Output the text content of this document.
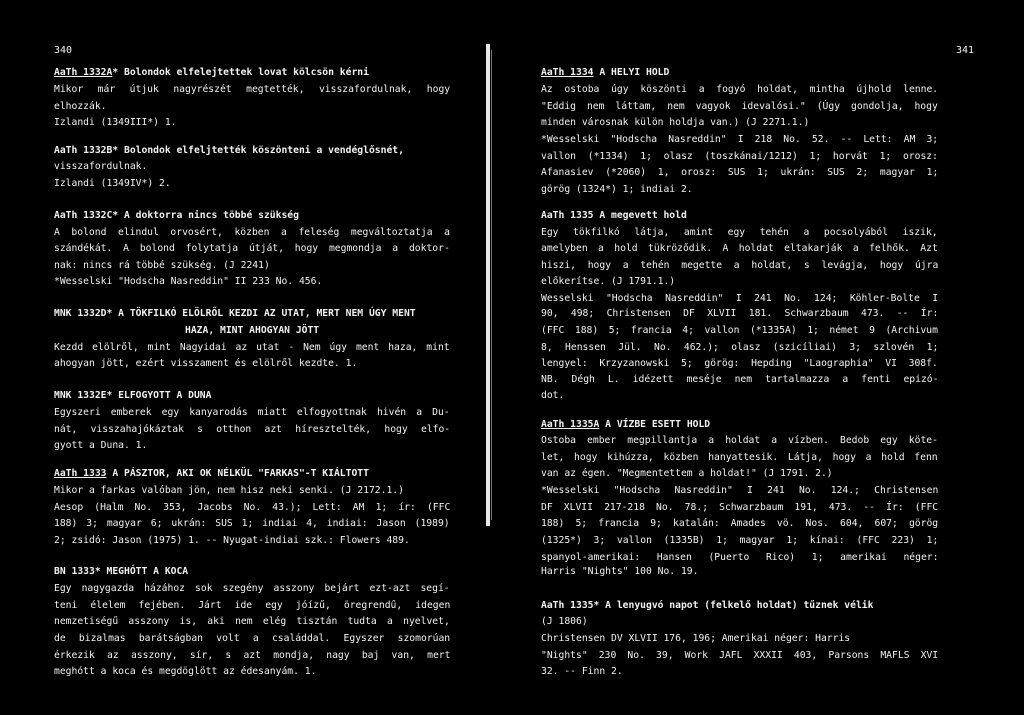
340	341
AaTh 1332A* Bolondok elfelejtettek lovat kölcsön kérni
Mikor már útjuk nagyrészét megtették, visszafordulnak, hogy
elhozzák.
Izlandi (1349III*) 1.
AaTh 1332B* Bolondok elfeljtették köszönteni a vendéglősnét,
visszafordulnak.
Izlandi (1349IV*) 2.
AaTh 1332C* A doktorra nincs többé szükség
A bolond elindul orvosért, közben a feleség megváltoztatja a
szándékát. A bolond folytatja útját, hogy megmondja a doktor-
nak: nincs rá többé szükség. (J 2241)
*Wesselski "Hodscha Nasreddin" II 233 No. 456.
MNK 1332D* A TÖKFILKÓ ELÖLRŐL KEZDI AZ UTAT, MERT NEM ÚGY MENT
HAZA, MINT AHOGYAN JÖTT
Kezdd elölről, mint Nagyidai az utat - Nem úgy ment haza, mint
ahogyan jött, ezért visszament és elölről kezdte. 1.
MNK 1332E* ELFOGYOTT A DUNA
Egyszeri emberek egy kanyarodás miatt elfogyottnak hivén a Du-
nát, visszahajókáztak s otthon azt híresztelték, hogy elfo-
gyott a Duna. 1.
AaTh 1333 A PÁSZTOR, AKI OK NÉLKÜL "FARKAS"-T KIÁLTOTT
Mikor a farkas valóban jön, nem hisz neki senki. (J 2172.1.)
Aesop (Halm No. 353, Jacobs No. 43.); Lett: AM 1; ír: (FFC
188) 3; magyar 6; ukrán: SUS 1; indiai 4, indiai: Jason (1989)
2; zsidó: Jason (1975) 1. -- Nyugat-indiai szk.: Flowers 489.
BN 1333* MEGHÓTT A KOCA
Egy nagygazda házához sok szegény asszony bejárt ezt-azt segí-
teni élelem fejében. Járt ide egy jóízű, öregrendű, idegen
nemzetiségű asszony is, aki nem elég tisztán tudta a nyelvet,
de bizalmas barátságban volt a családdal. Egyszer szomorúan
érkezik az asszony, sír, s azt mondja, nagy baj van, mert
meghótt a koca és megdöglött az édesanyám. 1.
AaTh 1334 A HELYI HOLD
Az ostoba úgy köszönti a fogyó holdat, mintha újhold lenne.
"Eddig nem láttam, nem vagyok idevalósi." (Úgy gondolja, hogy
minden városnak külön holdja van.) (J 2271.1.)
*Wesselski "Hodscha Nasreddin" I 218 No. 52. -- Lett: AM 3;
vallon (*1334) 1; olasz (toszkánai/1212) 1; horvát 1; orosz:
Afanasiev (*2060) 1, orosz: SUS 1; ukrán: SUS 2; magyar 1;
görög (1324*) 1; indiai 2.
AaTh 1335 A megevett hold
Egy tökfilkó látja, amint egy tehén a pocsolyából iszik,
amelyben a hold tükröződik. A holdat eltakarják a felhők. Azt
hiszi, hogy a tehén megette a holdat, s levágja, hogy újra
előkerítse. (J 1791.1.)
Wesselski "Hodscha Nasreddin" I 241 No. 124; Köhler-Bolte I
90, 498; Christensen DF XLVII 181. Schwarzbaum 473. -- Ír:
(FFC 188) 5; francia 4; vallon (*1335A) 1; német 9 (Archivum
8, Henssen Jül. No. 462.); olasz (szicíliai) 3; szlovén 1;
lengyel: Krzyzanowski 5; görög: Hepding "Laographia" VI 308f.
NB. Dégh L. idézett meséje nem tartalmazza a fenti epizó-
dot.
AaTh 1335A A VÍZBE ESETT HOLD
Ostoba ember megpillantja a holdat a vízben. Bedob egy köte-
let, hogy kihúzza, közben hanyattesik. Látja, hogy a hold fenn
van az égen. "Megmentettem a holdat!" (J 1791. 2.)
*Wesselski "Hodscha Nasreddin" I 241 No. 124.; Christensen
DF XLVII 217-218 No. 78.; Schwarzbaum 191, 473. -- Ír: (FFC
188) 5; francia 9; katalán: Amades vö. Nos. 604, 607; görög
(1325*) 3; vallon (1335B) 1; magyar 1; kínai: (FFC 223) 1;
spanyol-amerikai: Hansen (Puerto Rico) 1; amerikai néger:
Harris "Nights" 100 No. 19.
AaTh 1335* A lenyugvó napot (felkelő holdat) tűznek vélik
(J 1806)
Christensen DV XLVII 176, 196; Amerikai néger: Harris
"Nights" 230 No. 39, Work JAFL XXXII 403, Parsons MAFLS XVI
32. -- Finn 2.
